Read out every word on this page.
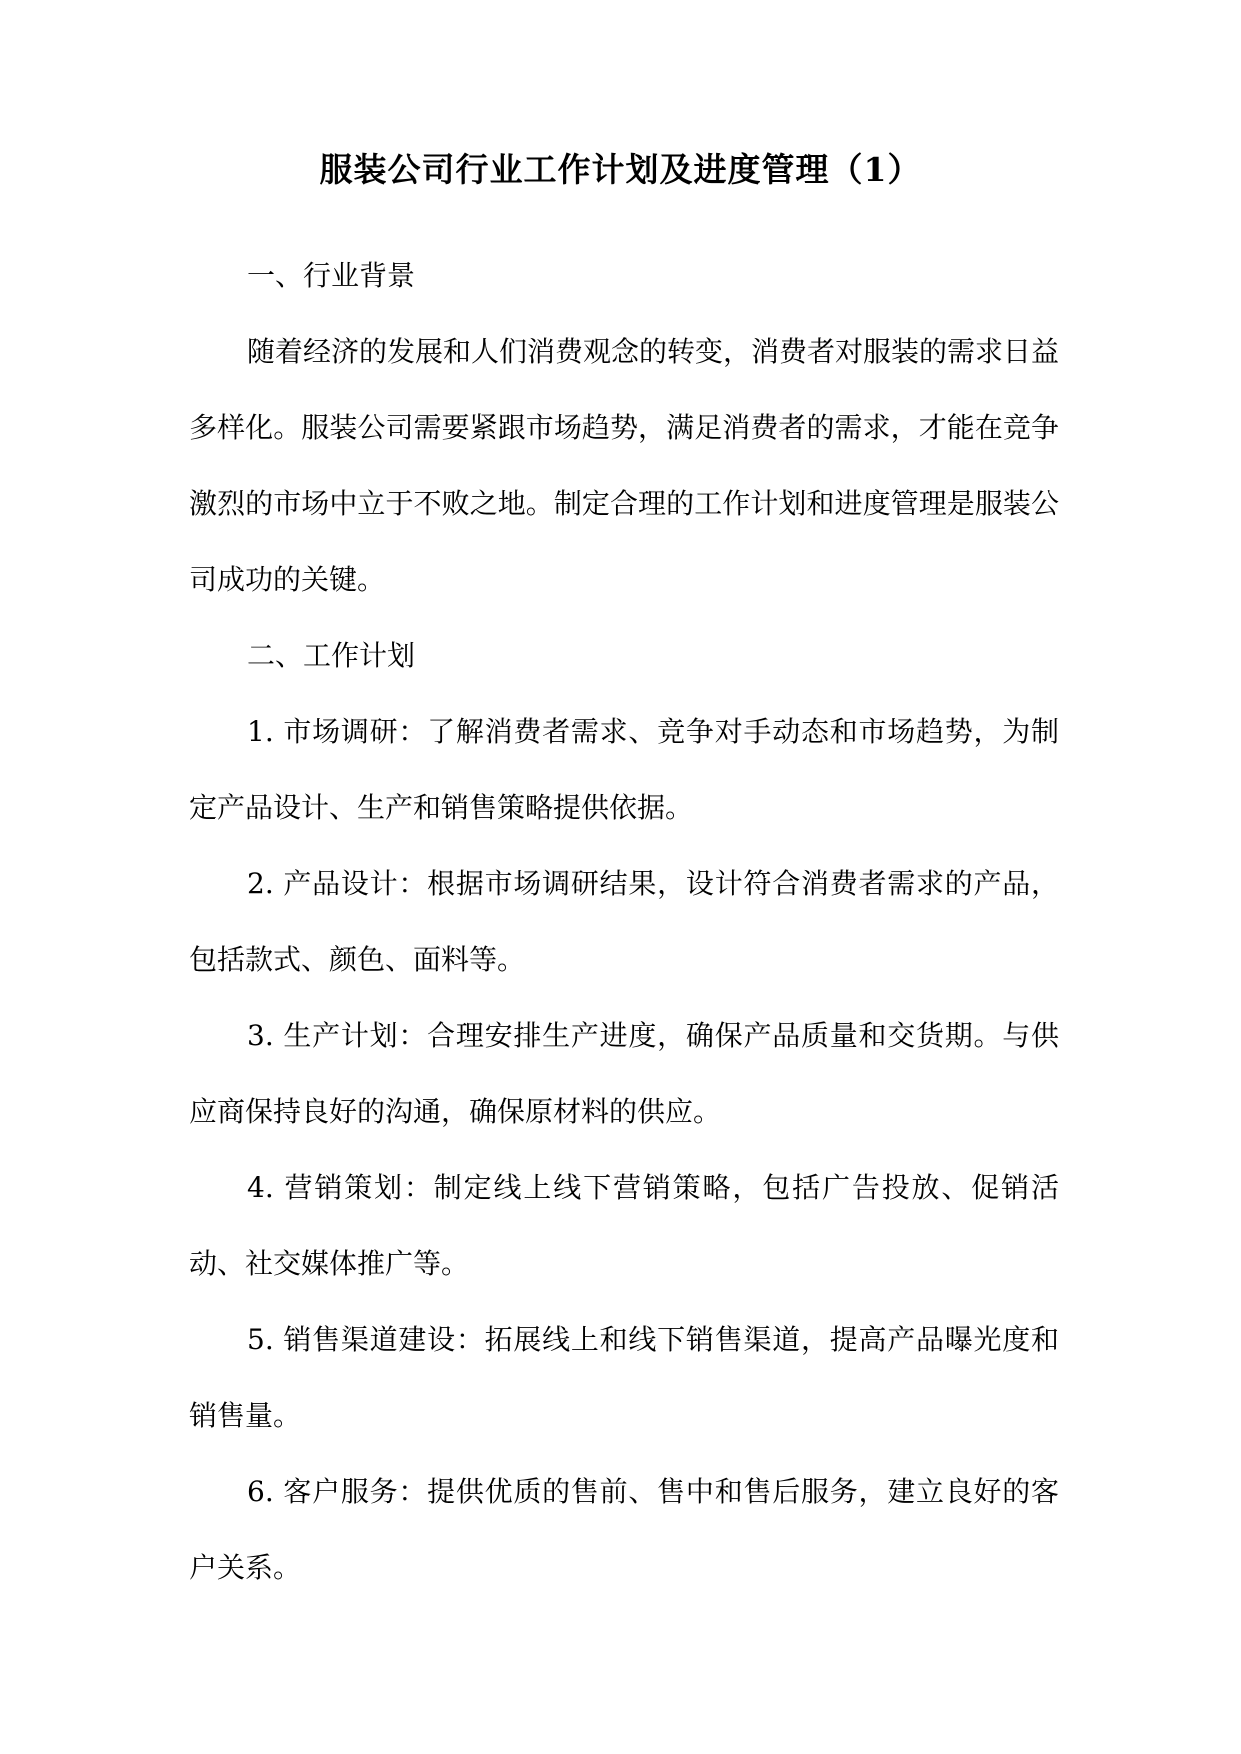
服装公司行业工作计划及进度管理（1）

一、行业背景

随着经济的发展和人们消费观念的转变，消费者对服装的需求日益多样化。服装公司需要紧跟市场趋势，满足消费者的需求，才能在竞争激烈的市场中立于不败之地。制定合理的工作计划和进度管理是服装公司成功的关键。

二、工作计划

1. 市场调研：了解消费者需求、竞争对手动态和市场趋势，为制定产品设计、生产和销售策略提供依据。

2. 产品设计：根据市场调研结果，设计符合消费者需求的产品，包括款式、颜色、面料等。

3. 生产计划：合理安排生产进度，确保产品质量和交货期。与供应商保持良好的沟通，确保原材料的供应。

4. 营销策划：制定线上线下营销策略，包括广告投放、促销活动、社交媒体推广等。

5. 销售渠道建设：拓展线上和线下销售渠道，提高产品曝光度和销售量。

6. 客户服务：提供优质的售前、售中和售后服务，建立良好的客户关系。
